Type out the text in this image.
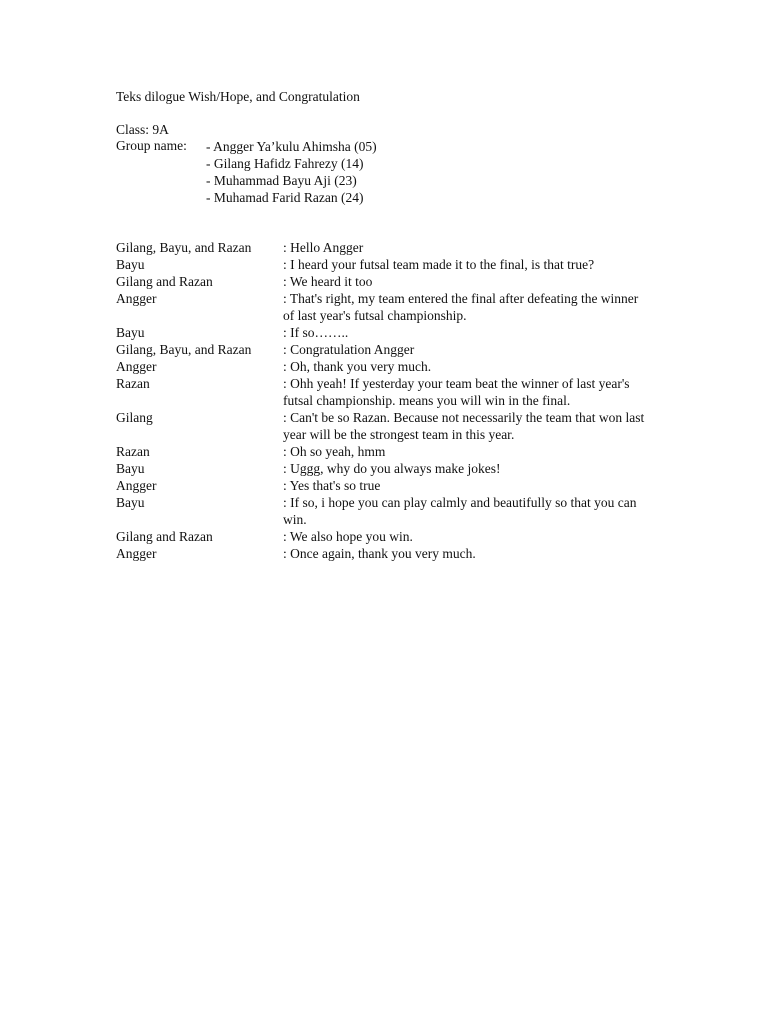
Teks dilogue Wish/Hope, and Congratulation
Class: 9A
Group name:	- Angger Ya’kulu Ahimsha (05)
- Gilang Hafidz Fahrezy (14)
- Muhammad Bayu Aji (23)
- Muhamad Farid Razan (24)
Gilang, Bayu, and Razan	: Hello Angger
Bayu	: I heard your futsal team made it to the final, is that true?
Gilang and Razan	: We heard it too
Angger	: That's right, my team entered the final after defeating the winner of last year's futsal championship.
Bayu	: If so……..
Gilang, Bayu, and Razan	: Congratulation Angger
Angger	: Oh, thank you very much.
Razan	: Ohh yeah! If yesterday your team beat the winner of last year's futsal championship. means you will win in the final.
Gilang	: Can't be so Razan. Because not necessarily the team that won last year will be the strongest team in this year.
Razan	: Oh so yeah, hmm
Bayu	: Uggg, why do you always make jokes!
Angger	: Yes that's so true
Bayu	: If so, i hope you can play calmly and beautifully so that you can win.
Gilang and Razan	: We also hope you win.
Angger	: Once again, thank you very much.
